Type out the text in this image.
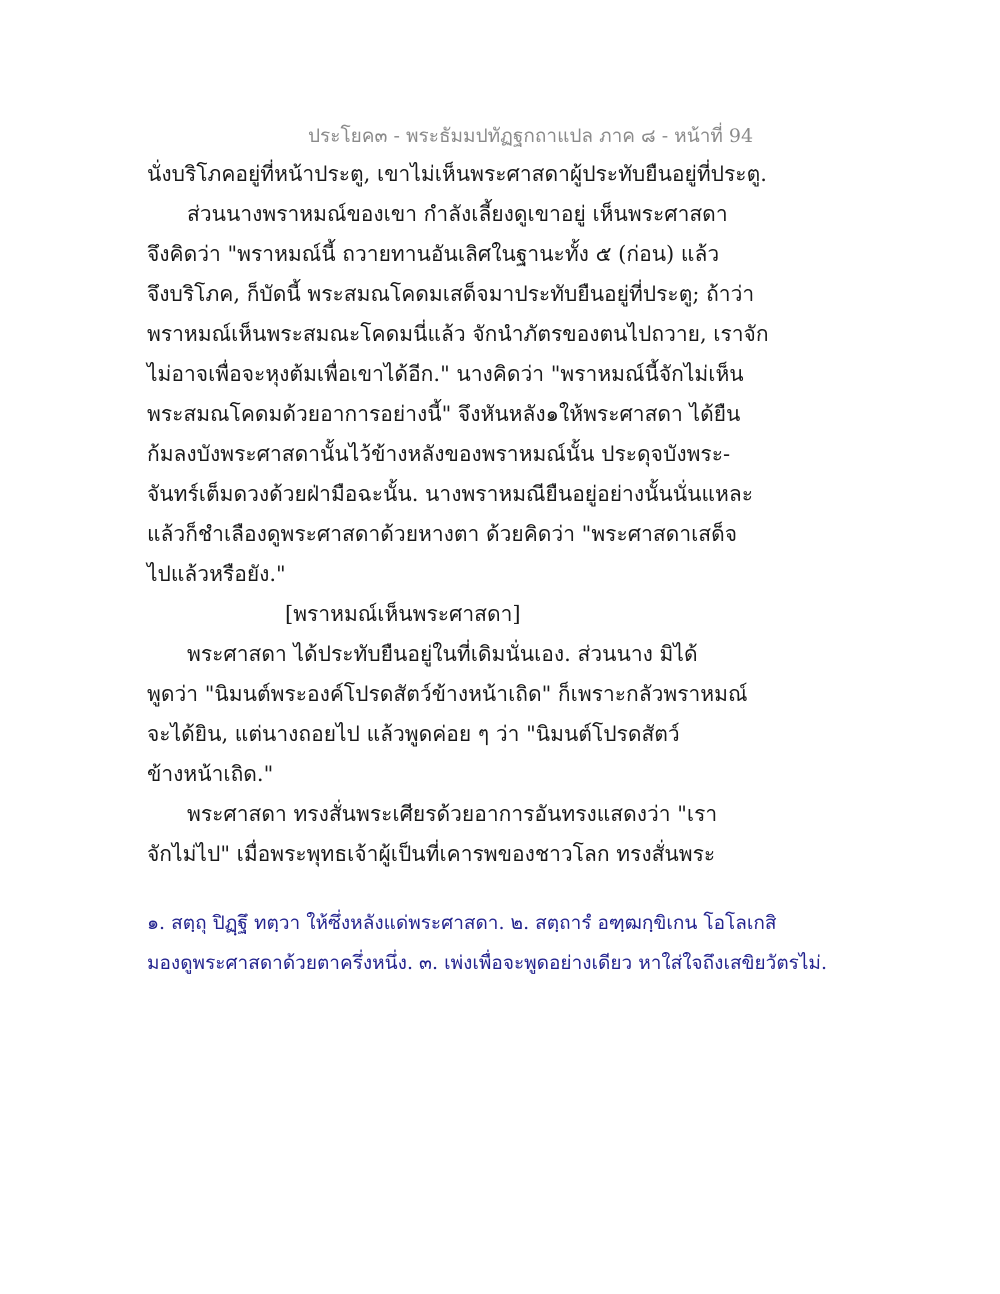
ประโยค๓ - พระธัมมปทัฏฐกถาแปล ภาค ๘ - หน้าที่ 94
นั่งบริโภคอยู่ที่หน้าประตู, เขาไม่เห็นพระศาสดาผู้ประทับยืนอยู่ที่ประตู.
ส่วนนางพราหมณ์ของเขา กำลังเลี้ยงดูเขาอยู่ เห็นพระศาสดา
จึงคิดว่า "พราหมณ์นี้ ถวายทานอันเลิศในฐานะทั้ง ๕ (ก่อน) แล้ว
จึงบริโภค, ก็บัดนี้ พระสมณโคดมเสด็จมาประทับยืนอยู่ที่ประตู; ถ้าว่า
พราหมณ์เห็นพระสมณะโคดมนี่แล้ว จักนำภัตรของตนไปถวาย, เราจัก
ไม่อาจเพื่อจะหุงต้มเพื่อเขาได้อีก." นางคิดว่า "พราหมณ์นี้จักไม่เห็น
พระสมณโคดมด้วยอาการอย่างนี้" จึงหันหลัง๑ให้พระศาสดา ได้ยืน
ก้มลงบังพระศาสดานั้นไว้ข้างหลังของพราหมณ์นั้น ประดุจบังพระ-
จันทร์เต็มดวงด้วยฝ่ามือฉะนั้น. นางพราหมณียืนอยู่อย่างนั้นนั่นแหละ
แล้วก็ชำเลืองดูพระศาสดาด้วยหางตา ด้วยคิดว่า "พระศาสดาเสด็จ
ไปแล้วหรือยัง."
[พราหมณ์เห็นพระศาสดา]
พระศาสดา ได้ประทับยืนอยู่ในที่เดิมนั่นเอง. ส่วนนาง มิได้
พูดว่า "นิมนต์พระองค์โปรดสัตว์ข้างหน้าเถิด" ก็เพราะกลัวพราหมณ์
จะได้ยิน, แต่นางถอยไป แล้วพูดค่อย ๆ ว่า "นิมนต์โปรดสัตว์
ข้างหน้าเถิด."
พระศาสดา ทรงสั่นพระเศียรด้วยอาการอันทรงแสดงว่า "เรา
จักไม่ไป" เมื่อพระพุทธเจ้าผู้เป็นที่เคารพของชาวโลก ทรงสั่นพระ
๑. สตฺถุ ปิฏฺฐึ ทตฺวา ให้ซึ่งหลังแด่พระศาสดา. ๒. สตฺถารํ อฑฺฒกฺขิเกน โอโลเกสิ
มองดูพระศาสดาด้วยตาครึ่งหนึ่ง. ๓. เพ่งเพื่อจะพูดอย่างเดียว หาใส่ใจถึงเสขิยวัตรไม่.
